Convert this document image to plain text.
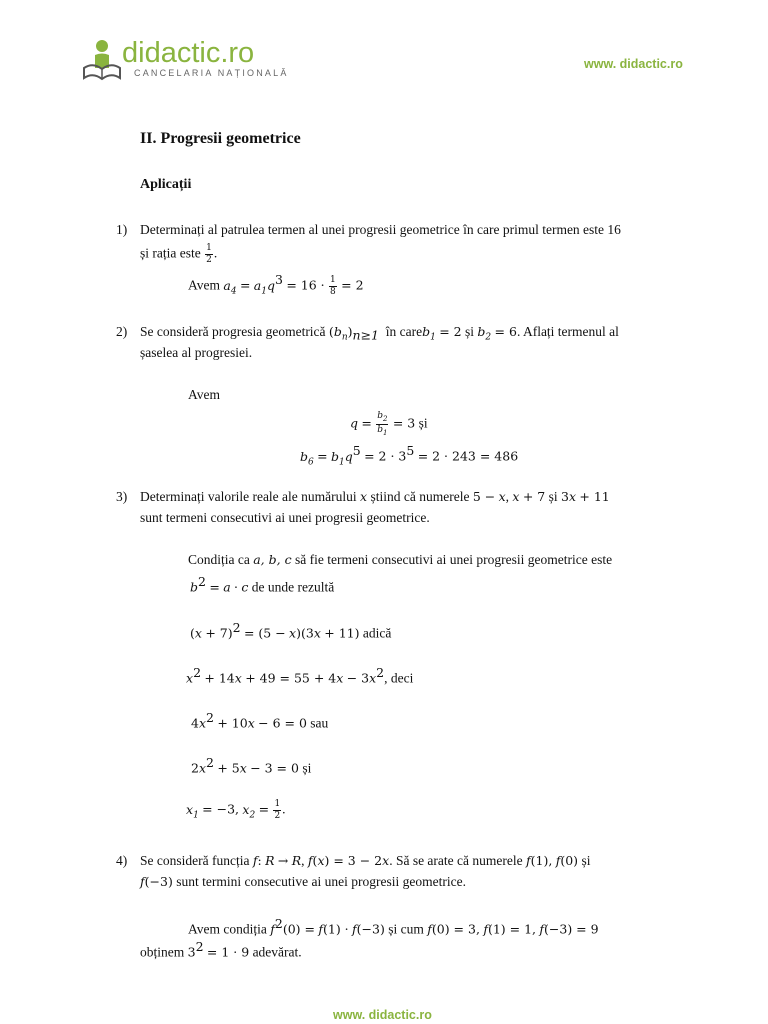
didactic.ro
CANCELARIA NAȚIONALĂ
www. didactic.ro
II. Progresii geometrice
Aplicații
1) Determinați al patrulea termen al unei progresii geometrice în care primul termen este 16
și rația este $\frac{1}{2}$ .
Avem $a_4 = a_1q^3 = 16 \cdot \frac{1}{8} = 2$
2) Se consideră progresia geometrică $(b_n)_{n\ge 1}$ în careb$_1$ = 2 și $b_2 = 6$. Aflați termenul al
șaselea al progresiei.
Avem
$q = \frac{b_2}{b_1} = 3$ și
$b_6 = b_1q^5 = 2 \cdot 3^5 = 2 \cdot 243 = 486$
3) Determinați valorile reale ale numărului x știind că numerele 5 − x, x + 7 și 3x + 11
sunt termeni consecutivi ai unei progresii geometrice.
Condiția ca a, b, c să fie termeni consecutivi ai unei progresii geometrice este
$b^2 = a \cdot c$ de unde rezultă
$(x + 7)^2 = (5 - x)(3x + 11)$ adică
$x^2 + 14x + 49 = 55 + 4x - 3x^2$, deci
$4x^2 + 10x - 6 = 0$ sau
$2x^2 + 5x - 3 = 0$ și
$x_1 = -3$, $x_2 = \frac{1}{2}$ .
4) Se consideră funcția f: R → R, f(x) = 3 − 2x. Să se arate că numerele f(1), f(0) și
f(−3) sunt termini consecutive ai unei progresii geometrice.
Avem condiția $f^2(0) = f(1) \cdot f(-3)$ și cum f(0) = 3, f(1) = 1, f(−3) = 9
obținem $3^2 = 1 \cdot 9$ adevărat.
www. didactic.ro
